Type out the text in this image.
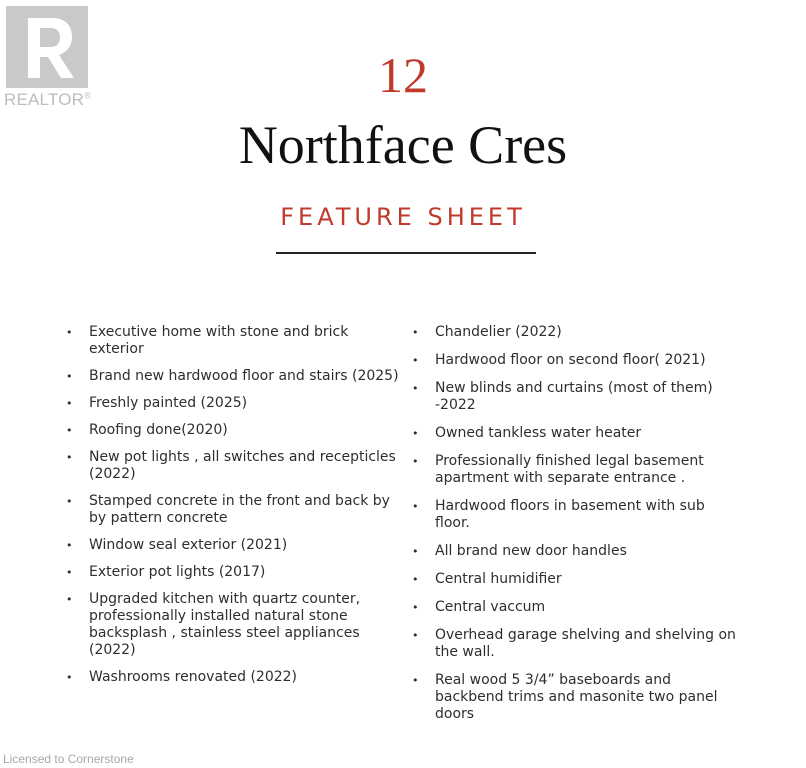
REALTOR®	12
Northface Cres
FEATURE SHEET
• Executive home with stone and brick exterior
• Brand new hardwood floor and stairs (2025)
• Freshly painted (2025)
• Roofing done(2020)
• New pot lights , all switches and recepticles (2022)
• Stamped concrete in the front and back by by pattern concrete
• Window seal exterior (2021)
• Exterior pot lights (2017)
• Upgraded kitchen with quartz counter, professionally installed natural stone backsplash , stainless steel appliances (2022)
• Washrooms renovated (2022)
• Chandelier (2022)
• Hardwood floor on second floor( 2021)
• New blinds and curtains (most of them) -2022
• Owned tankless water heater
• Professionally finished legal basement apartment with separate entrance .
• Hardwood floors in basement with sub floor.
• All brand new door handles
• Central humidifier
• Central vaccum
• Overhead garage shelving and shelving on the wall.
• Real wood 5 3/4” baseboards and backbend trims and masonite two panel doors
Licensed to Cornerstone
